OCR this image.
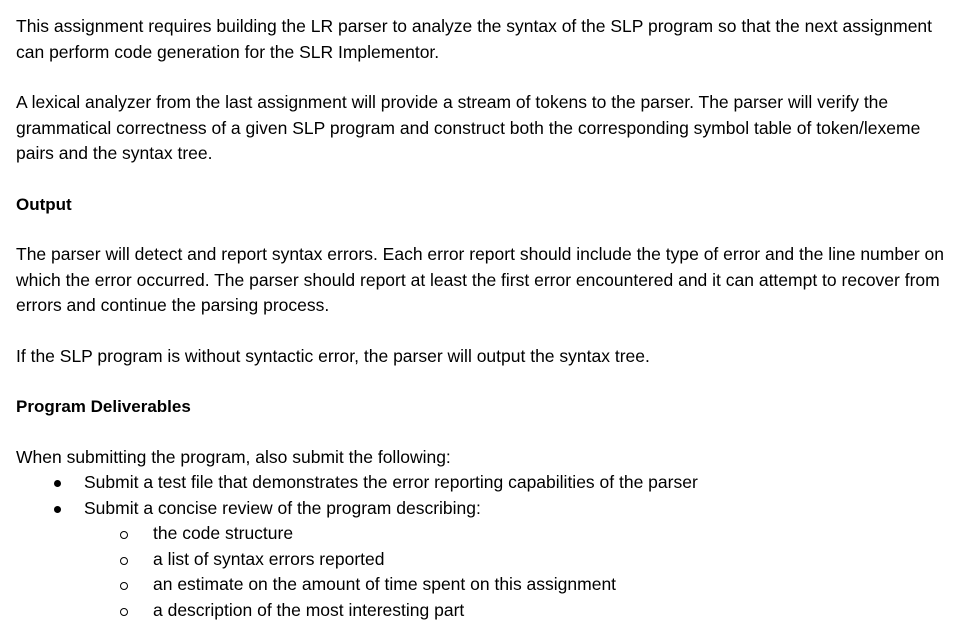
This assignment requires building the LR parser to analyze the syntax of the SLP program so that the next assignment can perform code generation for the SLR Implementor.

A lexical analyzer from the last assignment will provide a stream of tokens to the parser. The parser will verify the grammatical correctness of a given SLP program and construct both the corresponding symbol table of token/lexeme pairs and the syntax tree.

Output

The parser will detect and report syntax errors. Each error report should include the type of error and the line number on which the error occurred. The parser should report at least the first error encountered and it can attempt to recover from errors and continue the parsing process.

If the SLP program is without syntactic error, the parser will output the syntax tree.

Program Deliverables

When submitting the program, also submit the following:

Submit a test file that demonstrates the error reporting capabilities of the parser
Submit a concise review of the program describing:
the code structure
a list of syntax errors reported
an estimate on the amount of time spent on this assignment
a description of the most interesting part
